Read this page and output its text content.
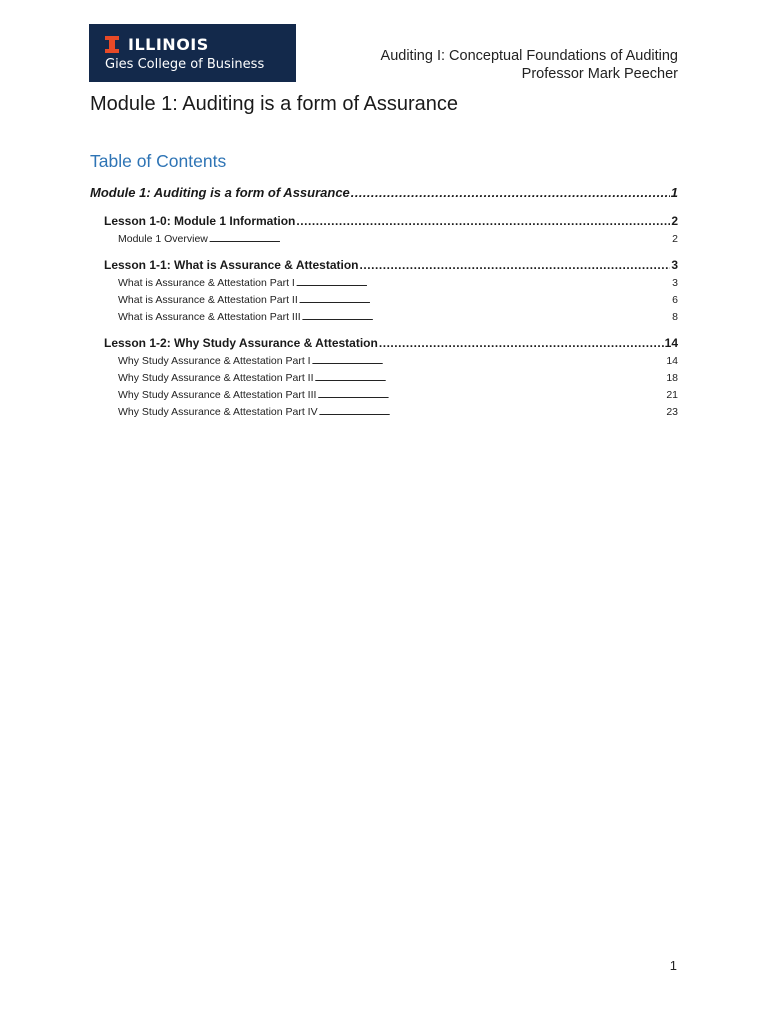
ILLINOIS
Gies College of Business
Auditing I: Conceptual Foundations of Auditing
Professor Mark Peecher
Module 1: Auditing is a form of Assurance
Table of Contents
Module 1: Auditing is a form of Assurance . . .	1
Lesson 1-0: Module 1 Information . . .	2
Module 1 Overview . . .	2
Lesson 1-1: What is Assurance & Attestation . . .	3
What is Assurance & Attestation Part I . . .	3
What is Assurance & Attestation Part II . . .	6
What is Assurance & Attestation Part III . . .	8
Lesson 1-2: Why Study Assurance & Attestation . . .	14
Why Study Assurance & Attestation Part I . . .	14
Why Study Assurance & Attestation Part II . . .	18
Why Study Assurance & Attestation Part III . . .	21
Why Study Assurance & Attestation Part IV . . .	23
1
